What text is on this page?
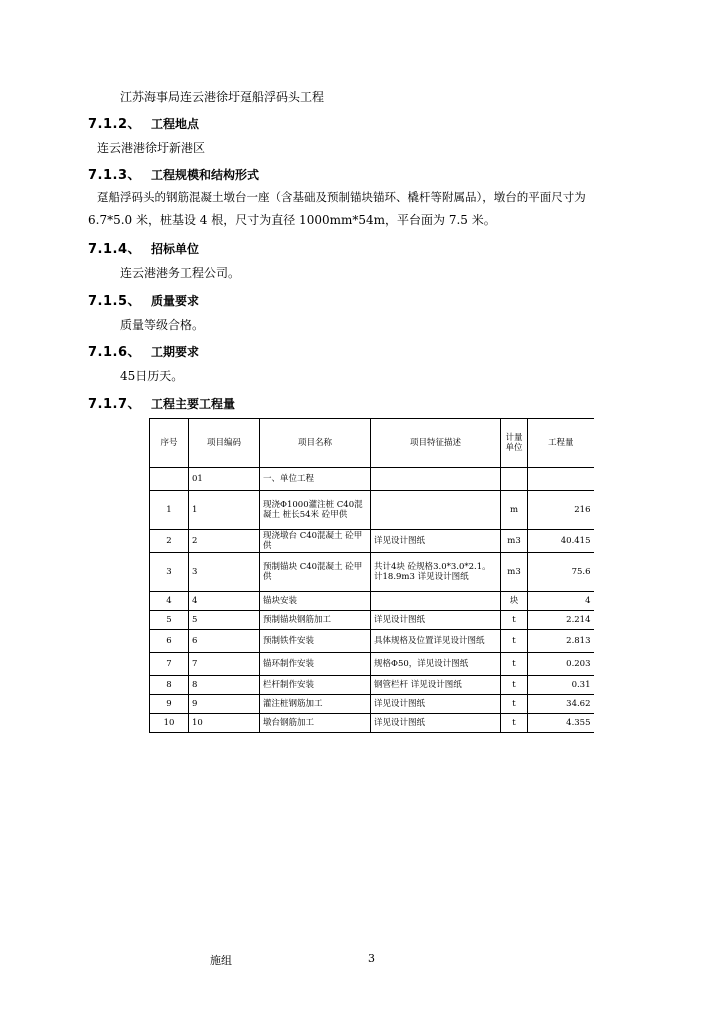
江苏海事局连云港徐圩趸船浮码头工程
7.1.2、 工程地点
连云港港徐圩新港区
7.1.3、 工程规模和结构形式
趸船浮码头的钢筋混凝土墩台一座（含基础及预制锚块锚环、橇杆等附属品），墩台的平面尺寸为
6.7*5.0 米，桩基设 4 根，尺寸为直径 1000mm*54m，平台面为 7.5 米。
7.1.4、 招标单位
连云港港务工程公司。
7.1.5、 质量要求
质量等级合格。
7.1.6、 工期要求
45日历天。
7.1.7、 工程主要工程量
序号	项目编码	项目名称	项目特征描述	计量单位	工程量
	01	一、单位工程			
1	1	现浇Φ1000灌注桩 C40混凝土 桩长54米 砼甲供		m	216
2	2	现浇墩台 C40混凝土 砼甲供	详见设计图纸	m3	40.415
3	3	预制锚块 C40混凝土 砼甲供	共计4块 砼规格3.0*3.0*2.1。计18.9m3 详见设计图纸	m3	75.6
4	4	锚块安装		块	4
5	5	预制锚块钢筋加工	详见设计图纸	t	2.214
6	6	预制铁件安装	具体规格及位置详见设计图纸	t	2.813
7	7	锚环制作安装	规格Φ50，详见设计图纸	t	0.203
8	8	栏杆制作安装	钢管栏杆 详见设计图纸	t	0.31
9	9	灌注桩钢筋加工	详见设计图纸	t	34.62
10	10	墩台钢筋加工	详见设计图纸	t	4.355
施组	3
